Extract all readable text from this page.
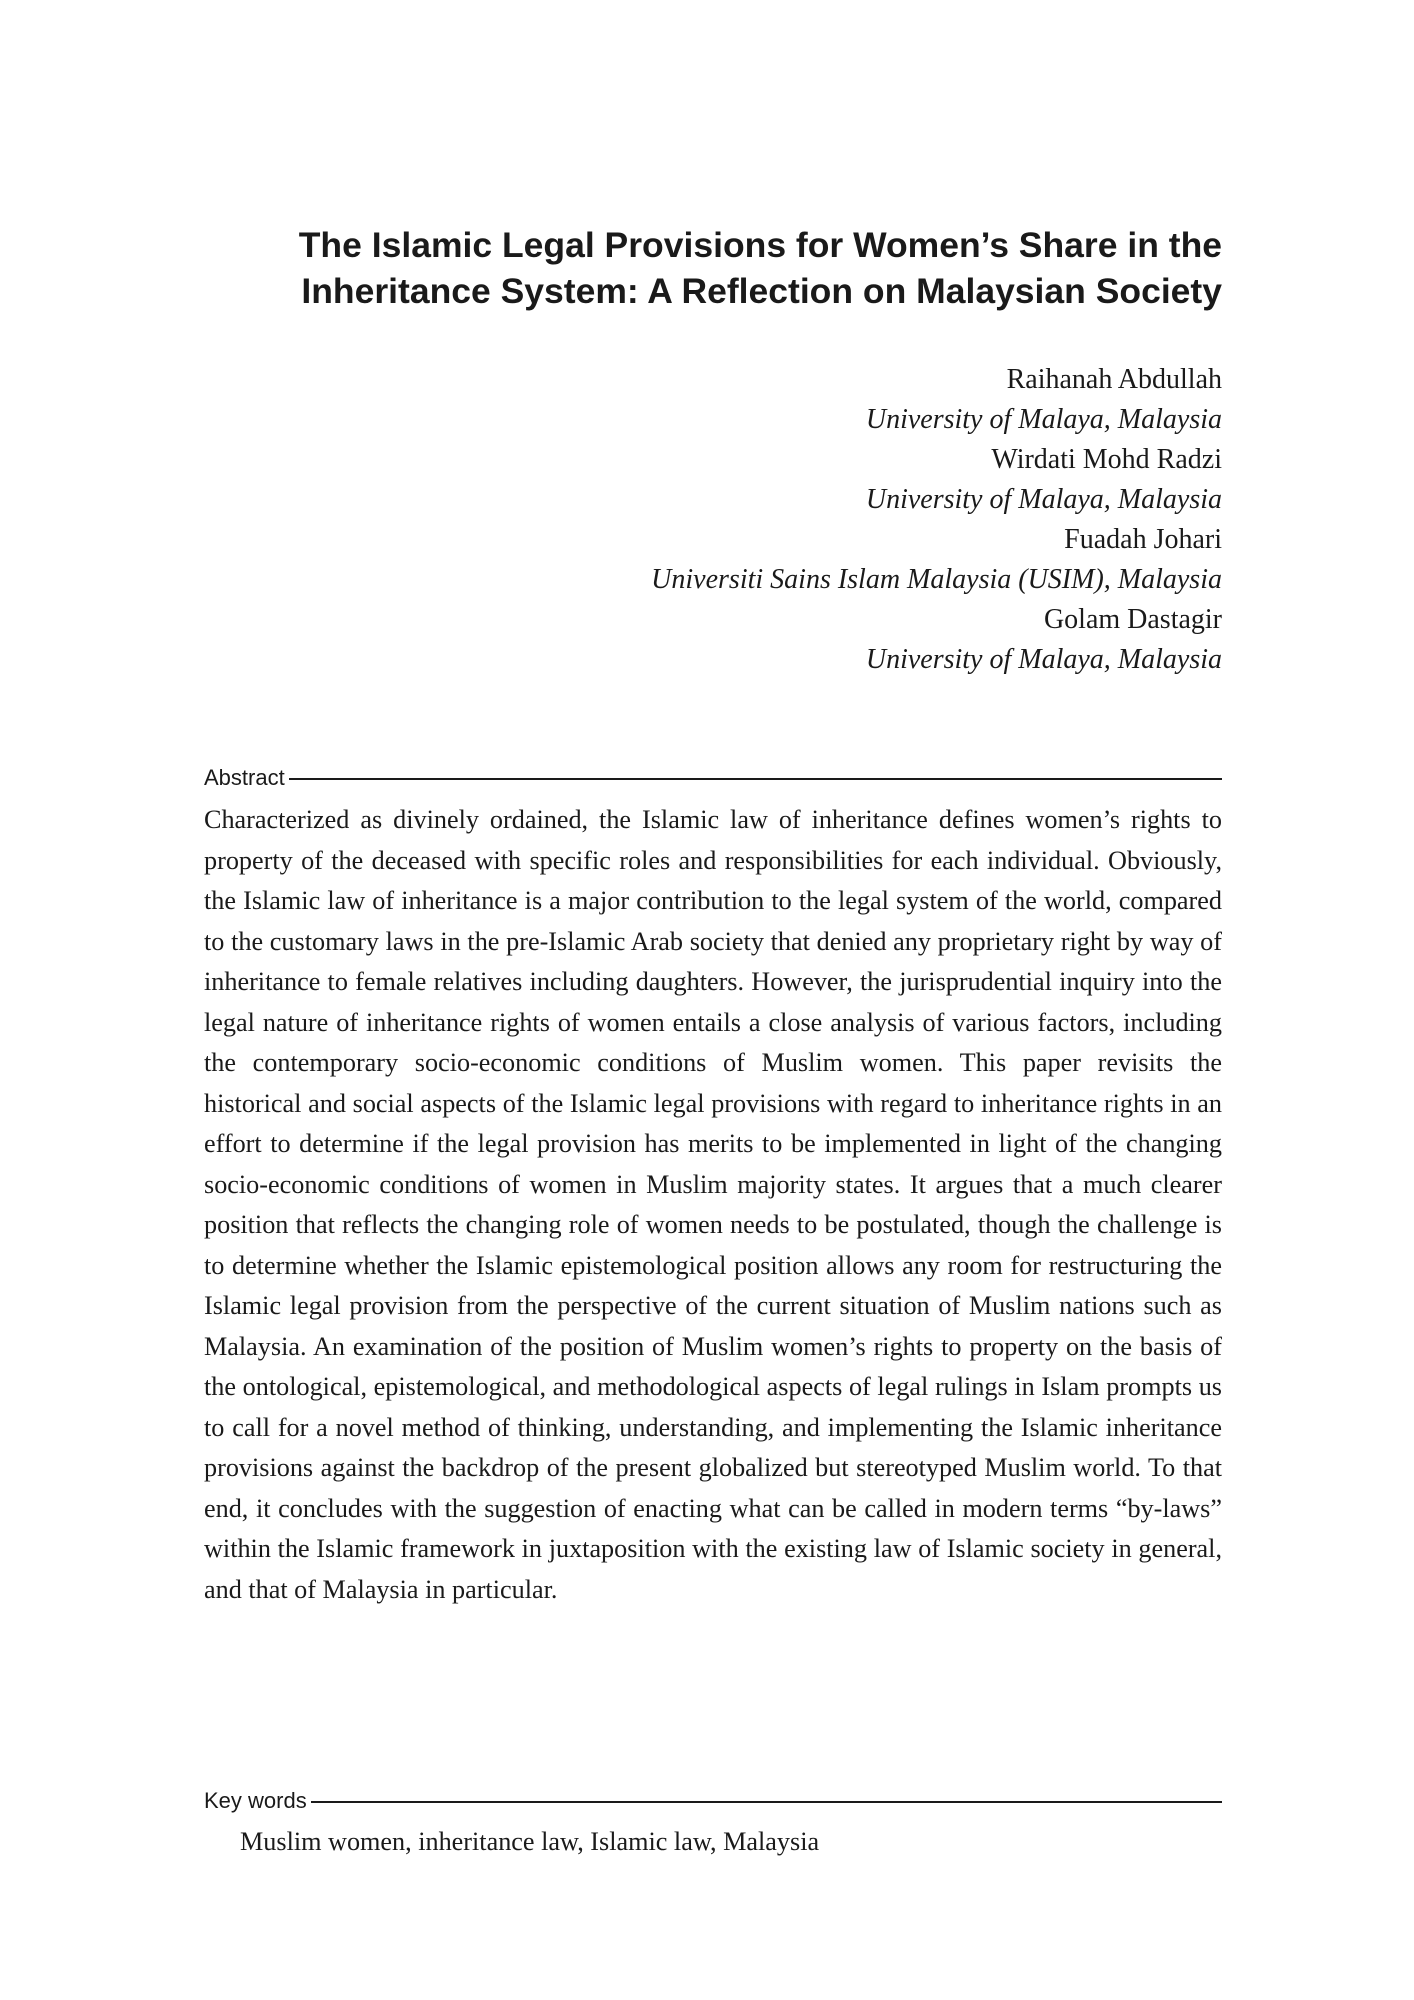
The Islamic Legal Provisions for Women’s Share in the
Inheritance System: A Reflection on Malaysian Society
Raihanah Abdullah
University of Malaya, Malaysia
Wirdati Mohd Radzi
University of Malaya, Malaysia
Fuadah Johari
Universiti Sains Islam Malaysia (USIM), Malaysia
Golam Dastagir
University of Malaya, Malaysia
Abstract

Characterized as divinely ordained, the Islamic law of inheritance defines women’s rights to property of the deceased with specific roles and responsibilities for each individual. Obviously, the Islamic law of inheritance is a major contribution to the legal system of the world, compared to the customary laws in the pre-Islamic Arab society that denied any proprietary right by way of inheritance to female relatives including daughters. However, the jurisprudential inquiry into the legal nature of inheritance rights of women entails a close analysis of various factors, including the contemporary socio-economic conditions of Muslim women. This paper revisits the historical and social aspects of the Islamic legal provisions with regard to inheritance rights in an effort to determine if the legal provision has merits to be implemented in light of the changing socio-economic conditions of women in Muslim majority states. It argues that a much clearer position that reflects the changing role of women needs to be postulated, though the challenge is to determine whether the Islamic epistemological position allows any room for restructuring the Islamic legal provision from the perspective of the current situation of Muslim nations such as Malaysia. An examination of the position of Muslim women’s rights to property on the basis of the ontological, epistemological, and methodological aspects of legal rulings in Islam prompts us to call for a novel method of thinking, understanding, and implementing the Islamic inheritance provisions against the backdrop of the present globalized but stereotyped Muslim world. To that end, it concludes with the suggestion of enacting what can be called in modern terms “by-laws” within the Islamic framework in juxtaposition with the existing law of Islamic society in general, and that of Malaysia in particular.

Key words

Muslim women, inheritance law, Islamic law, Malaysia
